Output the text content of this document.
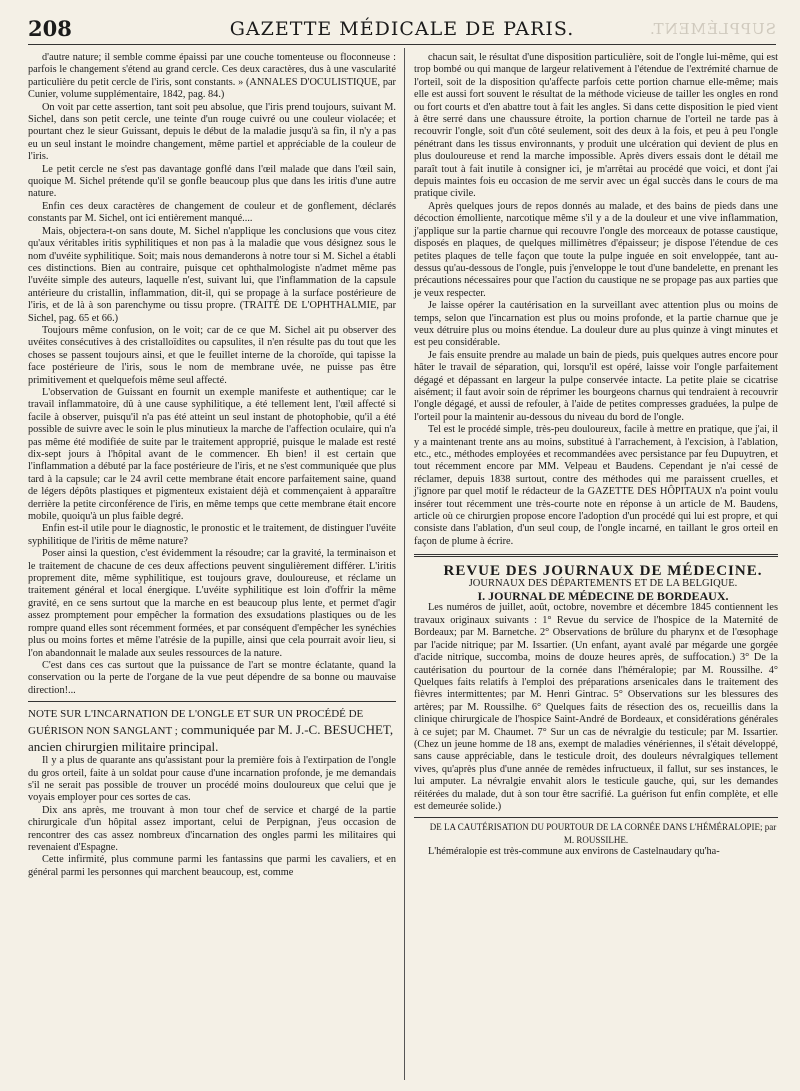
208	GAZETTE MÉDICALE DE PARIS.	SUPPLÉMENT.

d'autre nature; il semble comme épaissi par une couche tomenteuse ou floconneuse : parfois le changement s'étend au grand cercle. Ces deux caractères, dus à une vascularité particulière du petit cercle de l'iris, sont constants. » (ANNALES D'OCULISTIQUE, par Cunier, volume supplémentaire, 1842, pag. 84.)

On voit par cette assertion, tant soit peu absolue, que l'iris prend toujours, suivant M. Sichel, dans son petit cercle, une teinte d'un rouge cuivré ou une couleur violacée; et pourtant chez le sieur Guissant, depuis le début de la maladie jusqu'à sa fin, il n'y a pas eu un seul instant le moindre changement, même partiel et appréciable de la couleur de l'iris.

Le petit cercle ne s'est pas davantage gonflé dans l'œil malade que dans l'œil sain, quoique M. Sichel prétende qu'il se gonfle beaucoup plus que dans les iritis d'une autre nature.

Enfin ces deux caractères de changement de couleur et de gonflement, déclarés constants par M. Sichel, ont ici entièrement manqué....

Mais, objectera-t-on sans doute, M. Sichel n'applique les conclusions que vous citez qu'aux véritables iritis syphilitiques et non pas à la maladie que vous désignez sous le nom d'uvéite syphilitique. Soit; mais nous demanderons à notre tour si M. Sichel a établi ces distinctions. Bien au contraire, puisque cet ophthalmologiste n'admet même pas l'uvéite simple des auteurs, laquelle n'est, suivant lui, que l'inflammation de la capsule antérieure du cristallin, inflammation, dit-il, qui se propage à la surface postérieure de l'iris, et de là à son parenchyme ou tissu propre. (TRAITÉ DE L'OPHTHALMIE, par Sichel, pag. 65 et 66.)

Toujours même confusion, on le voit; car de ce que M. Sichel ait pu observer des uvéites consécutives à des cristalloïdites ou capsulites, il n'en résulte pas du tout que les choses se passent toujours ainsi, et que le feuillet interne de la choroïde, qui tapisse la face postérieure de l'iris, sous le nom de membrane uvée, ne puisse pas être primitivement et quelquefois même seul affecté.

L'observation de Guissant en fournit un exemple manifeste et authentique; car le travail inflammatoire, dû à une cause syphilitique, a été tellement lent, l'œil affecté si facile à observer, puisqu'il n'a pas été atteint un seul instant de photophobie, qu'il a été possible de suivre avec le soin le plus minutieux la marche de l'affection oculaire, qui n'a pas même été modifiée de suite par le traitement approprié, puisque le malade est resté dix-sept jours à l'hôpital avant de le commencer. Eh bien! il est certain que l'inflammation a débuté par la face postérieure de l'iris, et ne s'est communiquée que plus tard à la capsule; car le 24 avril cette membrane était encore parfaitement saine, quand de légers dépôts plastiques et pigmenteux existaient déjà et commençaient à apparaître derrière la petite circonférence de l'iris, en même temps que cette membrane était encore mobile, quoiqu'à un plus faible degré.

Enfin est-il utile pour le diagnostic, le pronostic et le traitement, de distinguer l'uvéite syphilitique de l'iritis de même nature?

Poser ainsi la question, c'est évidemment la résoudre; car la gravité, la terminaison et le traitement de chacune de ces deux affections peuvent singulièrement différer. L'iritis proprement dite, même syphilitique, est toujours grave, douloureuse, et réclame un traitement général et local énergique. L'uvéite syphilitique est loin d'offrir la même gravité, en ce sens surtout que la marche en est beaucoup plus lente, et permet d'agir assez promptement pour empêcher la formation des exsudations plastiques ou de les rompre quand elles sont récemment formées, et par conséquent d'empêcher les synéchies plus ou moins fortes et même l'atrésie de la pupille, ainsi que cela pourrait avoir lieu, si l'on abandonnait le malade aux seules ressources de la nature.

C'est dans ces cas surtout que la puissance de l'art se montre éclatante, quand la conservation ou la perte de l'organe de la vue peut dépendre de sa bonne ou mauvaise direction!...

NOTE SUR L'INCARNATION DE L'ONGLE ET SUR UN PROCÉDÉ DE GUÉRISON NON SANGLANT ; communiquée par M. J.-C. BESUCHET, ancien chirurgien militaire principal.

Il y a plus de quarante ans qu'assistant pour la première fois à l'extirpation de l'ongle du gros orteil, faite à un soldat pour cause d'une incarnation profonde, je me demandais s'il ne serait pas possible de trouver un procédé moins douloureux que celui que je voyais employer pour ces sortes de cas.

Dix ans après, me trouvant à mon tour chef de service et chargé de la partie chirurgicale d'un hôpital assez important, celui de Perpignan, j'eus occasion de rencontrer des cas assez nombreux d'incarnation des ongles parmi les militaires qui revenaient d'Espagne.

Cette infirmité, plus commune parmi les fantassins que parmi les cavaliers, et en général parmi les personnes qui marchent beaucoup, est, comme

chacun sait, le résultat d'une disposition particulière, soit de l'ongle lui-même, qui est trop bombé ou qui manque de largeur relativement à l'étendue de l'extrémité charnue de l'orteil, soit de la disposition qu'affecte parfois cette portion charnue elle-même; mais elle est aussi fort souvent le résultat de la méthode vicieuse de tailler les ongles en rond ou fort courts et d'en abattre tout à fait les angles. Si dans cette disposition le pied vient à être serré dans une chaussure étroite, la portion charnue de l'orteil ne tarde pas à recouvrir l'ongle, soit d'un côté seulement, soit des deux à la fois, et peu à peu l'ongle pénétrant dans les tissus environnants, y produit une ulcération qui devient de plus en plus douloureuse et rend la marche impossible. Après divers essais dont le détail me paraît tout à fait inutile à consigner ici, je m'arrêtai au procédé que voici, et dont j'ai depuis maintes fois eu occasion de me servir avec un égal succès dans le cours de ma pratique civile.

Après quelques jours de repos donnés au malade, et des bains de pieds dans une décoction émolliente, narcotique même s'il y a de la douleur et une vive inflammation, j'applique sur la partie charnue qui recouvre l'ongle des morceaux de potasse caustique, disposés en plaques, de quelques millimètres d'épaisseur; je dispose l'étendue de ces petites plaques de telle façon que toute la pulpe inguée en soit enveloppée, tant au-dessus qu'au-dessous de l'ongle, puis j'enveloppe le tout d'une bandelette, en prenant les précautions nécessaires pour que l'action du caustique ne se propage pas aux parties que je veux respecter.

Je laisse opérer la cautérisation en la surveillant avec attention plus ou moins de temps, selon que l'incarnation est plus ou moins profonde, et la partie charnue que je veux détruire plus ou moins étendue. La douleur dure au plus quinze à vingt minutes et est peu considérable.

Je fais ensuite prendre au malade un bain de pieds, puis quelques autres encore pour hâter le travail de séparation, qui, lorsqu'il est opéré, laisse voir l'ongle parfaitement dégagé et dépassant en largeur la pulpe conservée intacte. La petite plaie se cicatrise aisément; il faut avoir soin de réprimer les bourgeons charnus qui tendraient à recouvrir l'ongle dégagé, et aussi de refouler, à l'aide de petites compresses graduées, la pulpe de l'orteil pour la maintenir au-dessous du niveau du bord de l'ongle.

Tel est le procédé simple, très-peu douloureux, facile à mettre en pratique, que j'ai, il y a maintenant trente ans au moins, substitué à l'arrachement, à l'excision, à l'ablation, etc., etc., méthodes employées et recommandées avec persistance par feu Dupuytren, et tout récemment encore par MM. Velpeau et Baudens. Cependant je n'ai cessé de réclamer, depuis 1838 surtout, contre des méthodes qui me paraissent cruelles, et j'ignore par quel motif le rédacteur de la GAZETTE DES HÔPITAUX n'a point voulu insérer tout récemment une très-courte note en réponse à un article de M. Baudens, article où ce chirurgien propose encore l'adoption d'un procédé qui lui est propre, et qui consiste dans l'ablation, d'un seul coup, de l'ongle incarné, en taillant le gros orteil en façon de plume à écrire.

REVUE DES JOURNAUX DE MÉDECINE.

JOURNAUX DES DÉPARTEMENTS ET DE LA BELGIQUE.

I. JOURNAL DE MÉDECINE DE BORDEAUX.

Les numéros de juillet, août, octobre, novembre et décembre 1845 contiennent les travaux originaux suivants : 1° Revue du service de l'hospice de la Maternité de Bordeaux; par M. Barnetche. 2° Observations de brûlure du pharynx et de l'œsophage par l'acide nitrique; par M. Issartier. (Un enfant, ayant avalé par mégarde une gorgée d'acide nitrique, succomba, moins de douze heures après, de suffocation.) 3° De la cautérisation du pourtour de la cornée dans l'héméralopie; par M. Roussilhe. 4° Quelques faits relatifs à l'emploi des préparations arsenicales dans le traitement des fièvres intermittentes; par M. Henri Gintrac. 5° Observations sur les blessures des artères; par M. Roussilhe. 6° Quelques faits de résection des os, recueillis dans la clinique chirurgicale de l'hospice Saint-André de Bordeaux, et considérations générales à ce sujet; par M. Chaumet. 7° Sur un cas de névralgie du testicule; par M. Issartier. (Chez un jeune homme de 18 ans, exempt de maladies vénériennes, il s'était développé, sans cause appréciable, dans le testicule droit, des douleurs névralgiques tellement vives, qu'après plus d'une année de remèdes infructueux, il fallut, sur ses instances, le lui amputer. La névralgie envahit alors le testicule gauche, qui, sur les demandes réitérées du malade, dut à son tour être sacrifié. La guérison fut enfin complète, et elle est demeurée solide.)

DE LA CAUTÉRISATION DU POURTOUR DE LA CORNÉE DANS L'HÉMÉRALOPIE; par M. ROUSSILHE.

L'héméralopie est très-commune aux environs de Castelnaudary qu'ha-
